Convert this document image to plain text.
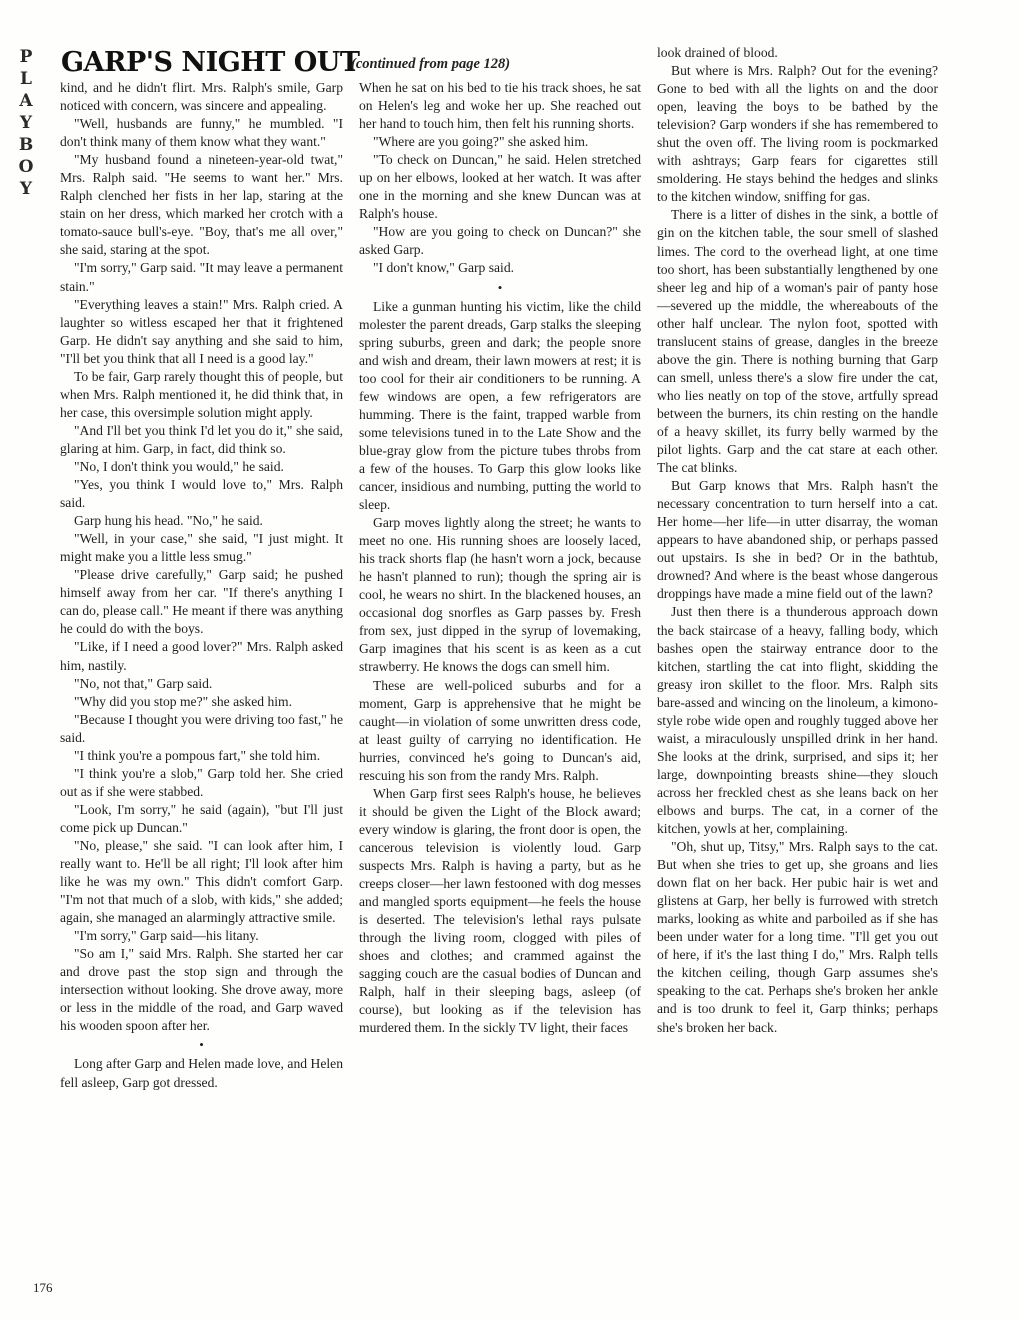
P
L
A
Y
B
O
Y
GARP'S NIGHT OUT
(continued from page 128)

kind, and he didn't flirt. Mrs. Ralph's smile, Garp noticed with concern, was sincere and appealing.

"Well, husbands are funny," he mumbled. "I don't think many of them know what they want."

"My husband found a nineteen-year-old twat," Mrs. Ralph said. "He seems to want her." Mrs. Ralph clenched her fists in her lap, staring at the stain on her dress, which marked her crotch with a tomato-sauce bull's-eye. "Boy, that's me all over," she said, staring at the spot.

"I'm sorry," Garp said. "It may leave a permanent stain."

"Everything leaves a stain!" Mrs. Ralph cried. A laughter so witless escaped her that it frightened Garp. He didn't say anything and she said to him, "I'll bet you think that all I need is a good lay."

To be fair, Garp rarely thought this of people, but when Mrs. Ralph mentioned it, he did think that, in her case, this oversimple solution might apply.

"And I'll bet you think I'd let you do it," she said, glaring at him. Garp, in fact, did think so.

"No, I don't think you would," he said.

"Yes, you think I would love to," Mrs. Ralph said.

Garp hung his head. "No," he said.

"Well, in your case," she said, "I just might. It might make you a little less smug."

"Please drive carefully," Garp said; he pushed himself away from her car. "If there's anything I can do, please call." He meant if there was anything he could do with the boys.

"Like, if I need a good lover?" Mrs. Ralph asked him, nastily.

"No, not that," Garp said.

"Why did you stop me?" she asked him.

"Because I thought you were driving too fast," he said.

"I think you're a pompous fart," she told him.

"I think you're a slob," Garp told her. She cried out as if she were stabbed.

"Look, I'm sorry," he said (again), "but I'll just come pick up Duncan."

"No, please," she said. "I can look after him, I really want to. He'll be all right; I'll look after him like he was my own." This didn't comfort Garp. "I'm not that much of a slob, with kids," she added; again, she managed an alarmingly attractive smile.

"I'm sorry," Garp said—his litany.

"So am I," said Mrs. Ralph. She started her car and drove past the stop sign and through the intersection without looking. She drove away, more or less in the middle of the road, and Garp waved his wooden spoon after her.

•

Long after Garp and Helen made love, and Helen fell asleep, Garp got dressed.

When he sat on his bed to tie his track shoes, he sat on Helen's leg and woke her up. She reached out her hand to touch him, then felt his running shorts.

"Where are you going?" she asked him.

"To check on Duncan," he said. Helen stretched up on her elbows, looked at her watch. It was after one in the morning and she knew Duncan was at Ralph's house.

"How are you going to check on Duncan?" she asked Garp.

"I don't know," Garp said.

•

Like a gunman hunting his victim, like the child molester the parent dreads, Garp stalks the sleeping spring suburbs, green and dark; the people snore and wish and dream, their lawn mowers at rest; it is too cool for their air conditioners to be running. A few windows are open, a few refrigerators are humming. There is the faint, trapped warble from some televisions tuned in to the Late Show and the blue-gray glow from the picture tubes throbs from a few of the houses. To Garp this glow looks like cancer, insidious and numbing, putting the world to sleep.

Garp moves lightly along the street; he wants to meet no one. His running shoes are loosely laced, his track shorts flap (he hasn't worn a jock, because he hasn't planned to run); though the spring air is cool, he wears no shirt. In the blackened houses, an occasional dog snorfles as Garp passes by. Fresh from sex, just dipped in the syrup of lovemaking, Garp imagines that his scent is as keen as a cut strawberry. He knows the dogs can smell him.

These are well-policed suburbs and for a moment, Garp is apprehensive that he might be caught—in violation of some unwritten dress code, at least guilty of carrying no identification. He hurries, convinced he's going to Duncan's aid, rescuing his son from the randy Mrs. Ralph.

When Garp first sees Ralph's house, he believes it should be given the Light of the Block award; every window is glaring, the front door is open, the cancerous television is violently loud. Garp suspects Mrs. Ralph is having a party, but as he creeps closer—her lawn festooned with dog messes and mangled sports equipment—he feels the house is deserted. The television's lethal rays pulsate through the living room, clogged with piles of shoes and clothes; and crammed against the sagging couch are the casual bodies of Duncan and Ralph, half in their sleeping bags, asleep (of course), but looking as if the television has murdered them. In the sickly TV light, their faces

look drained of blood.

But where is Mrs. Ralph? Out for the evening? Gone to bed with all the lights on and the door open, leaving the boys to be bathed by the television? Garp wonders if she has remembered to shut the oven off. The living room is pockmarked with ashtrays; Garp fears for cigarettes still smoldering. He stays behind the hedges and slinks to the kitchen window, sniffing for gas.

There is a litter of dishes in the sink, a bottle of gin on the kitchen table, the sour smell of slashed limes. The cord to the overhead light, at one time too short, has been substantially lengthened by one sheer leg and hip of a woman's pair of panty hose—severed up the middle, the whereabouts of the other half unclear. The nylon foot, spotted with translucent stains of grease, dangles in the breeze above the gin. There is nothing burning that Garp can smell, unless there's a slow fire under the cat, who lies neatly on top of the stove, artfully spread between the burners, its chin resting on the handle of a heavy skillet, its furry belly warmed by the pilot lights. Garp and the cat stare at each other. The cat blinks.

But Garp knows that Mrs. Ralph hasn't the necessary concentration to turn herself into a cat. Her home—her life—in utter disarray, the woman appears to have abandoned ship, or perhaps passed out upstairs. Is she in bed? Or in the bathtub, drowned? And where is the beast whose dangerous droppings have made a mine field out of the lawn?

Just then there is a thunderous approach down the back staircase of a heavy, falling body, which bashes open the stairway entrance door to the kitchen, startling the cat into flight, skidding the greasy iron skillet to the floor. Mrs. Ralph sits bare-assed and wincing on the linoleum, a kimono-style robe wide open and roughly tugged above her waist, a miraculously unspilled drink in her hand. She looks at the drink, surprised, and sips it; her large, downpointing breasts shine—they slouch across her freckled chest as she leans back on her elbows and burps. The cat, in a corner of the kitchen, yowls at her, complaining.

"Oh, shut up, Titsy," Mrs. Ralph says to the cat. But when she tries to get up, she groans and lies down flat on her back. Her pubic hair is wet and glistens at Garp, her belly is furrowed with stretch marks, looking as white and parboiled as if she has been under water for a long time. "I'll get you out of here, if it's the last thing I do," Mrs. Ralph tells the kitchen ceiling, though Garp assumes she's speaking to the cat. Perhaps she's broken her ankle and is too drunk to feel it, Garp thinks; perhaps she's broken her back.

176
